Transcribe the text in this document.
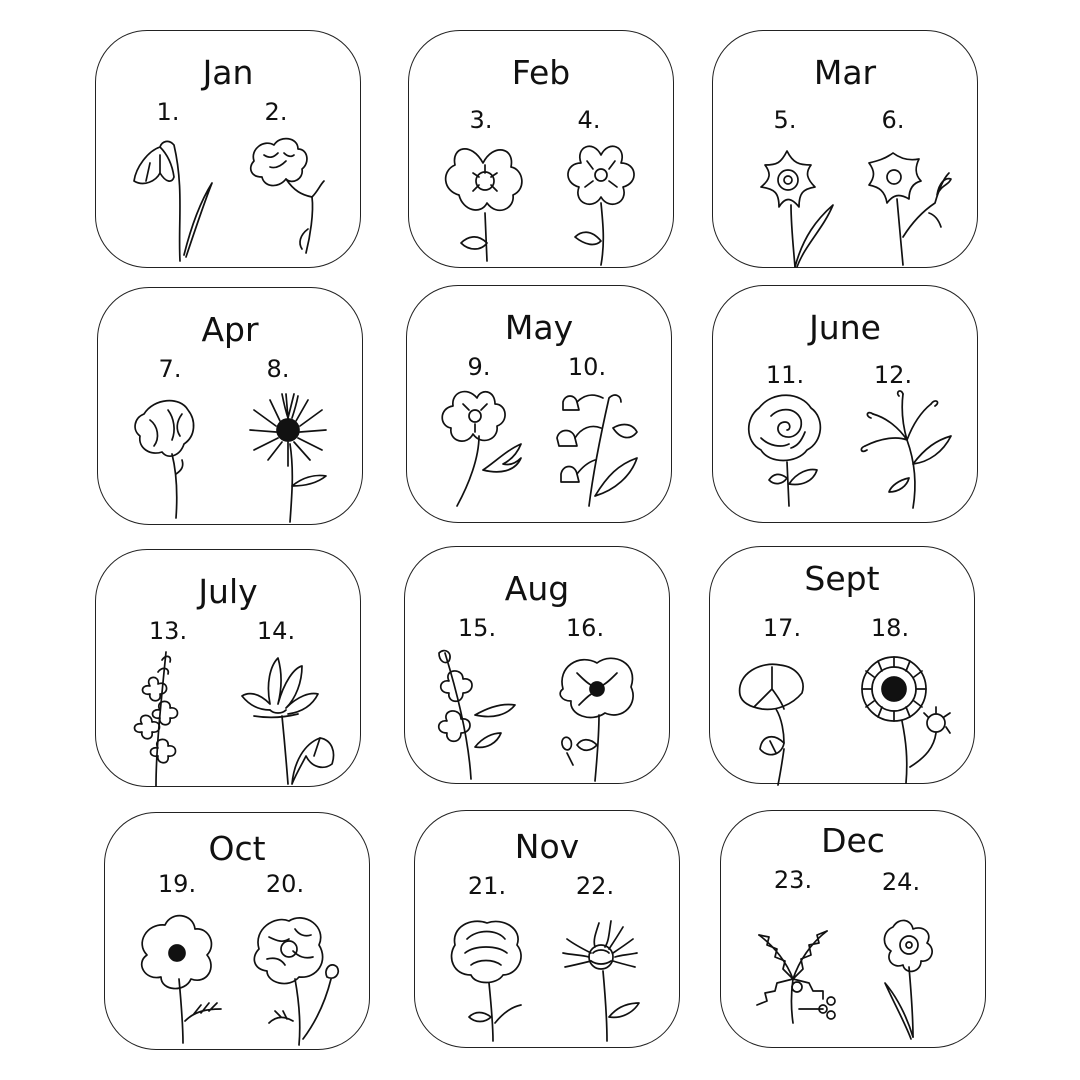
Jan
1.	2.
Feb
3.	4.
Mar
5.	6.
Apr
7.	8.
May
9.	10.
June
11.	12.
July
13.	14.
Aug
15.	16.
Sept
17.	18.
Oct
19.	20.
Nov
21.	22.
Dec
23.	24.
